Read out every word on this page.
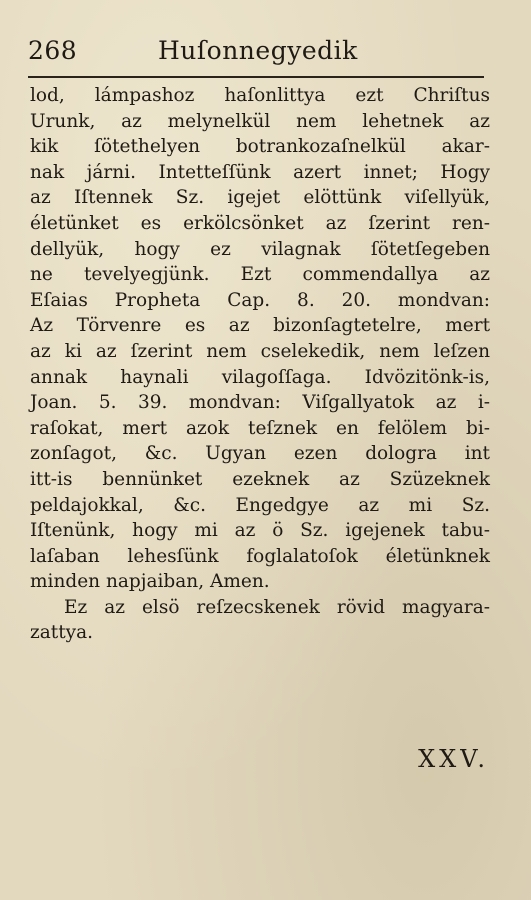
268	Huſonnegyedik
lod, lámpashoz haſonlittya ezt Chriſtus
Urunk, az melynelkül nem lehetnek az
kik ſötethelyen botrankozaſnelkül akar-
nak járni. Intetteſſünk azert innet; Hogy
az Iſtennek Sz. igejet elöttünk viſellyük,
életünket es erkölcsönket az ſzerint ren-
dellyük, hogy ez vilagnak ſötetſegeben
ne tevelyegjünk. Ezt commendallya az
Eſaias Propheta Cap. 8. 20. mondvan:
Az Törvenre es az bizonſagtetelre, mert
az ki az ſzerint nem cselekedik, nem leſzen
annak haynali vilagoſſaga. Idvözitönk-is,
Joan. 5. 39. mondvan: Viſgallyatok az i-
raſokat, mert azok teſznek en felölem bi-
zonſagot, &c. Ugyan ezen dologra int
itt-is bennünket ezeknek az Szüzeknek
peldajokkal, &c. Engedgye az mi Sz.
Iſtenünk, hogy mi az ö Sz. igejenek tabu-
laſaban lehesſünk foglalatoſok életünknek
minden napjaiban, Amen.
Ez az elsö reſzecskenek rövid magyara-
zattya.
XXV.
